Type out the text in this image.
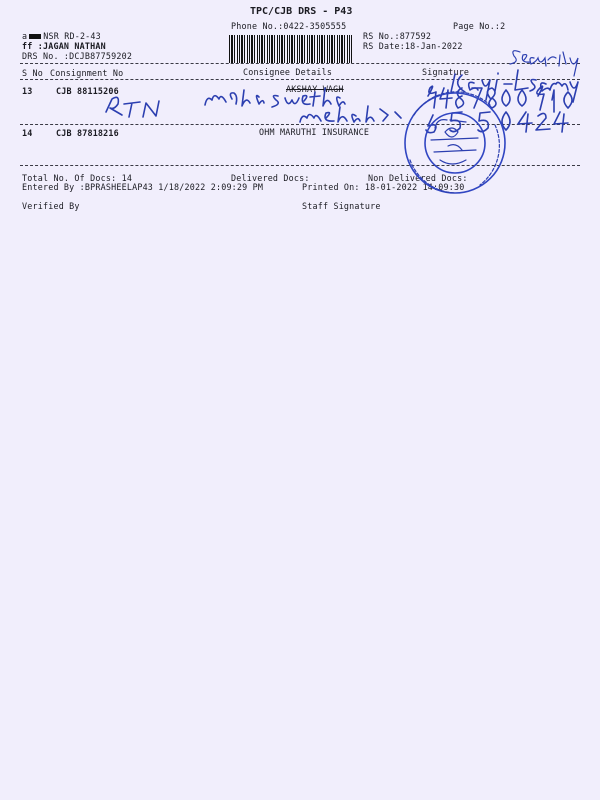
TPC/CJB DRS - P43
Phone No.:0422-3505555	Page No.:2
a NSR RD-2-43
ff :JAGAN NATHAN
DRS No. :DCJB87759202
RS No.:877592
RS Date:18-Jan-2022
S No Consignment No	Consignee Details	Signature
13	CJB 88115206	AKSHAY WAGH
14	CJB 87818216	OHM MARUTHI INSURANCE
Total No. Of Docs: 14	Delivered Docs:	Non Delivered Docs:
Entered By :BPRASHEELAP43 1/18/2022 2:09:29 PM	Printed On: 18-01-2022 14:09:30
Verified By	Staff Signature
